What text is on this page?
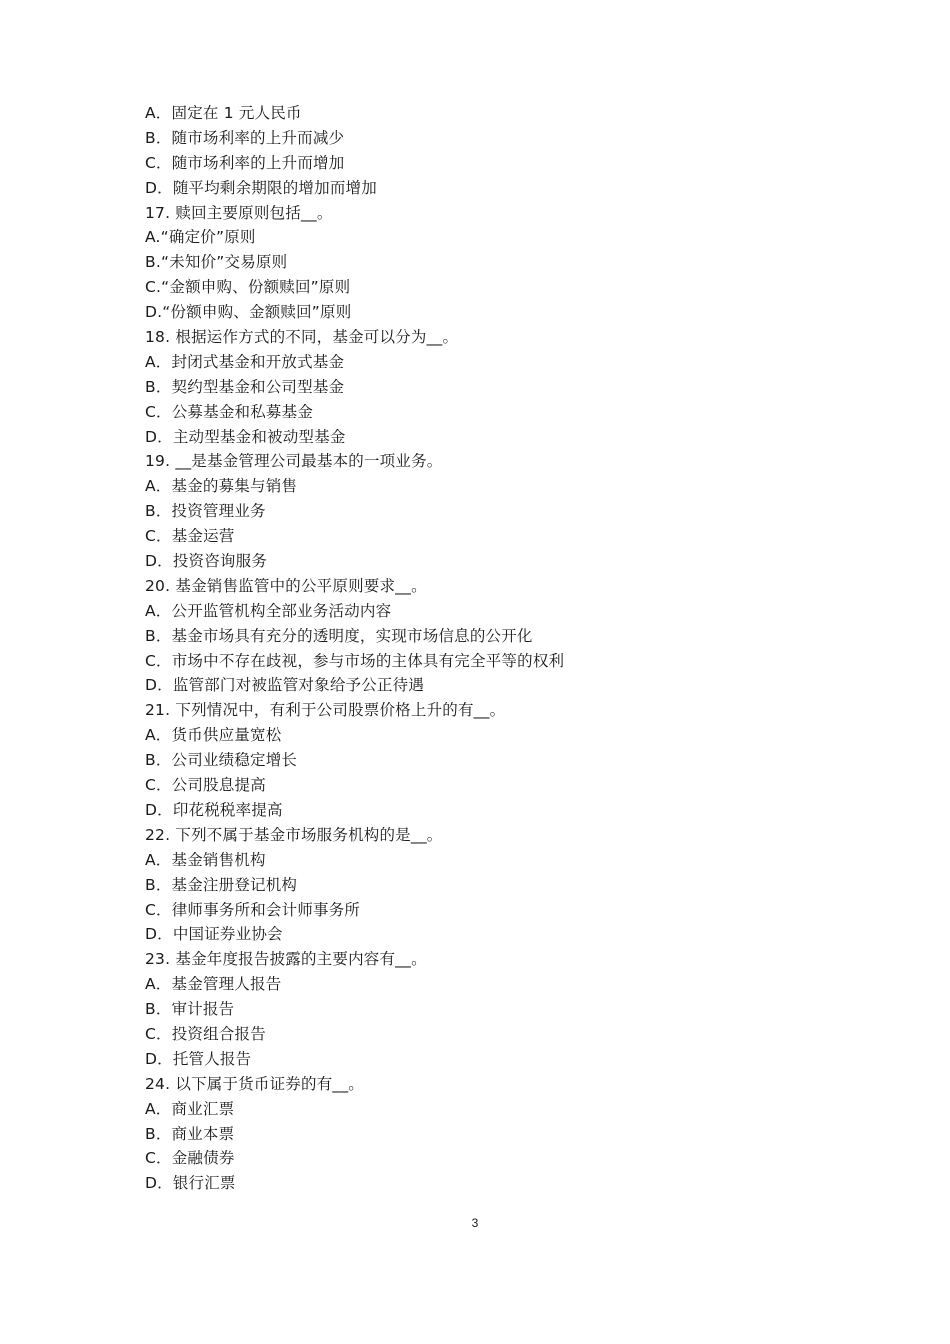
A．固定在 1 元人民币
B．随市场利率的上升而减少
C．随市场利率的上升而增加
D．随平均剩余期限的增加而增加
17. 赎回主要原则包括__。
A.“确定价”原则
B.“未知价”交易原则
C.“金额申购、份额赎回”原则
D.“份额申购、金额赎回”原则
18. 根据运作方式的不同，基金可以分为__。
A．封闭式基金和开放式基金
B．契约型基金和公司型基金
C．公募基金和私募基金
D．主动型基金和被动型基金
19. __是基金管理公司最基本的一项业务。
A．基金的募集与销售
B．投资管理业务
C．基金运营
D．投资咨询服务
20. 基金销售监管中的公平原则要求__。
A．公开监管机构全部业务活动内容
B．基金市场具有充分的透明度，实现市场信息的公开化
C．市场中不存在歧视，参与市场的主体具有完全平等的权利
D．监管部门对被监管对象给予公正待遇
21. 下列情况中，有利于公司股票价格上升的有__。
A．货币供应量宽松
B．公司业绩稳定增长
C．公司股息提高
D．印花税税率提高
22. 下列不属于基金市场服务机构的是__。
A．基金销售机构
B．基金注册登记机构
C．律师事务所和会计师事务所
D．中国证券业协会
23. 基金年度报告披露的主要内容有__。
A．基金管理人报告
B．审计报告
C．投资组合报告
D．托管人报告
24. 以下属于货币证券的有__。
A．商业汇票
B．商业本票
C．金融债券
D．银行汇票
3
